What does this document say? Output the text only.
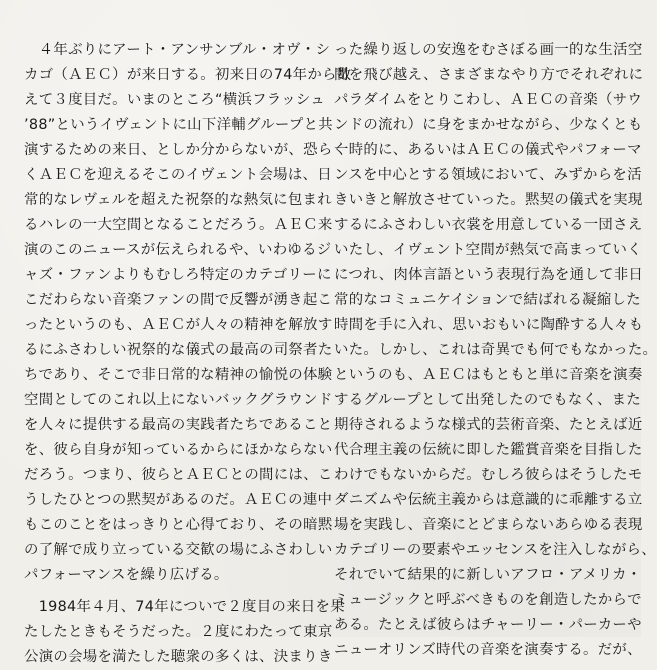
　４年ぶりにアート・アンサンブル・オヴ・シ
カゴ（ＡＥＣ）が来日する。初来日の74年から数
えて３度目だ。いまのところ“横浜フラッシュ
’88”というイヴェントに山下洋輔グループと共
演するための来日、としか分からないが、恐らく
くＡＥＣを迎えるそこのイヴェント会場は、日
常的なレヴェルを超えた祝祭的な熱気に包まれ
るハレの一大空間となることだろう。ＡＥＣ来
演のこのニュースが伝えられるや、いわゆるジ
ャズ・ファンよりもむしろ特定のカテゴリーに
こだわらない音楽ファンの間で反響が湧き起こ
ったというのも、ＡＥＣが人々の精神を解放す
るにふさわしい祝祭的な儀式の最高の司祭者た
ちであり、そこで非日常的な精神の愉悦の体験
空間としてのこれ以上にないバックグラウンド
を人々に提供する最高の実践者たちであること
を、彼ら自身が知っているからにほかならない
だろう。つまり、彼らとＡＥＣとの間には、こ
うしたひとつの黙契があるのだ。ＡＥＣの連中
もこのことをはっきりと心得ており、その暗黙
の了解で成り立っている交歓の場にふさわしい
パフォーマンスを繰り広げる。
　1984年４月、74年についで２度目の来日を果
たしたときもそうだった。２度にわたって東京
公演の会場を満たした聴衆の多くは、決まりき
った繰り返しの安逸をむさぼる画一的な生活空
間を飛び越え、さまざまなやり方でそれぞれに
パラダイムをとりこわし、ＡＥＣの音楽（サウ
ンドの流れ）に身をまかせながら、少なくとも
一時的に、あるいはＡＥＣの儀式やパフォーマ
ンスを中心とする領域において、みずからを活
きいきと解放させていった。黙契の儀式を実現
するにふさわしい衣裳を用意している一団さえ
いたし、イヴェント空間が熱気で高まっていく
につれ、肉体言語という表現行為を通して非日
常的なコミュニケイションで結ばれる凝縮した
時間を手に入れ、思いおもいに陶酔する人々も
いた。しかし、これは奇異でも何でもなかった。
というのも、ＡＥＣはもともと単に音楽を演奏
するグループとして出発したのでもなく、また
期待されるような様式的芸術音楽、たとえば近
代合理主義の伝統に即した鑑賞音楽を目指した
わけでもないからだ。むしろ彼らはそうしたモ
ダニズムや伝統主義からは意識的に乖離する立
場を実践し、音楽にとどまらないあらゆる表現
カテゴリーの要素やエッセンスを注入しながら、
それでいて結果的に新しいアフロ・アメリカ・
ミュージックと呼ぶべきものを創造したからで
ある。たとえば彼らはチャーリー・パーカーや
ニューオリンズ時代の音楽を演奏する。だが、
